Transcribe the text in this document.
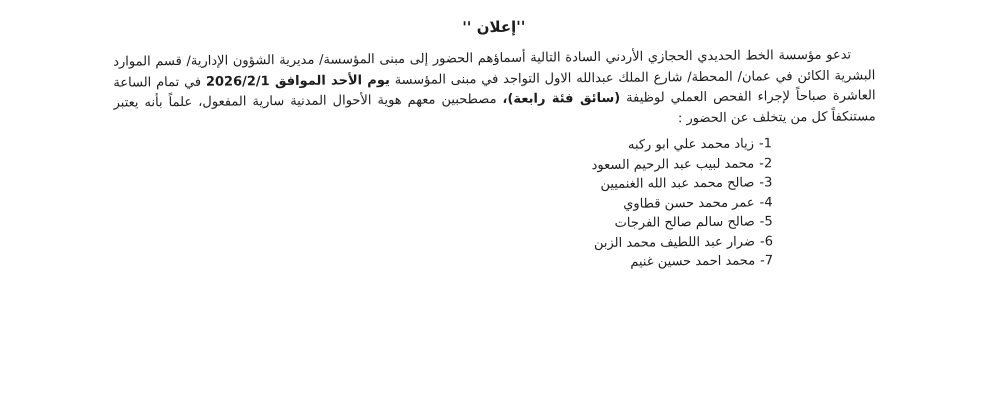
''إعلان ''

تدعو مؤسسة الخط الحديدي الحجازي الأردني السادة التالية أسماؤهم الحضور إلى مبنى المؤسسة/ مديرية الشؤون الإدارية/ قسم الموارد البشرية الكائن في عمان/ المحطة/ شارع الملك عبدالله الاول التواجد في مبنى المؤسسة يوم الأحد الموافق 2026/2/1 في تمام الساعة العاشرة صباحاً لإجراء الفحص العملي لوظيفة (سائق فئة رابعة)، مصطحبين معهم هوية الأحوال المدنية سارية المفعول، علماً بأنه يعتبر مستنكفاً كل من يتخلف عن الحضور :

1-زياد محمد علي ابو ركبه
2-محمد لبيب عبد الرحيم السعود
3-صالح محمد عبد الله الغنميين
4-عمر محمد حسن قطاوي
5-صالح سالم صالح الفرجات
6-ضرار عبد اللطيف محمد الزبن
7-محمد احمد حسين غنيم
